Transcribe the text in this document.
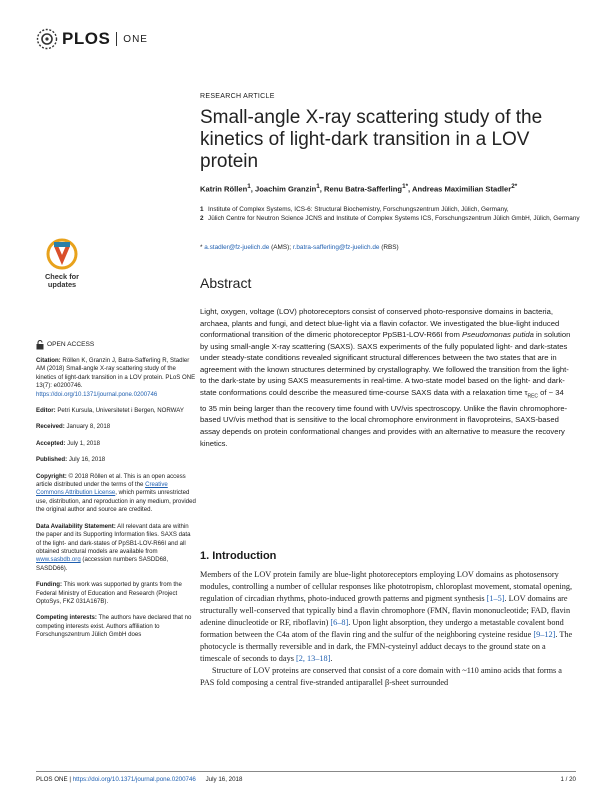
PLOS ONE
RESEARCH ARTICLE
Small-angle X-ray scattering study of the kinetics of light-dark transition in a LOV protein
Katrin Röllen$^1$, Joachim Granzin$^1$, Renu Batra-Safferling$^{1*}$, Andreas Maximilian Stadler$^{2*}$
1 Institute of Complex Systems, ICS-6: Structural Biochemistry, Forschungszentrum Jülich, Jülich, Germany,
2 Jülich Centre for Neutron Science JCNS and Institute of Complex Systems ICS, Forschungszentrum Jülich GmbH, Jülich, Germany
* a.stadler@fz-juelich.de (AMS); r.batra-safferling@fz-juelich.de (RBS)
Check for
updates

OPEN ACCESS

Citation: Röllen K, Granzin J, Batra-Safferling R, Stadler AM (2018) Small-angle X-ray scattering study of the kinetics of light-dark transition in a LOV protein. PLoS ONE 13(7): e0200746. https://doi.org/10.1371/journal.pone.0200746

Editor: Petri Kursula, Universitetet i Bergen, NORWAY

Received: January 8, 2018

Accepted: July 1, 2018

Published: July 16, 2018

Copyright: © 2018 Röllen et al. This is an open access article distributed under the terms of the Creative Commons Attribution License, which permits unrestricted use, distribution, and reproduction in any medium, provided the original author and source are credited.

Data Availability Statement: All relevant data are within the paper and its Supporting Information files. SAXS data of the light- and dark-states of PpSB1-LOV-R66I and all obtained structural models are available from www.sasbdb.org (accession numbers SASDD68, SASDD66).

Funding: This work was supported by grants from the Federal Ministry of Education and Research (Project OptoSys, FKZ 031A167B).

Competing interests: The authors have declared that no competing interests exist. Authors affiliation to Forschungszentrum Jülich GmbH does

Abstract

Light, oxygen, voltage (LOV) photoreceptors consist of conserved photo-responsive domains in bacteria, archaea, plants and fungi, and detect blue-light via a flavin cofactor. We investigated the blue-light induced conformational transition of the dimeric photoreceptor PpSB1-LOV-R66I from Pseudomonas putida in solution by using small-angle X-ray scattering (SAXS). SAXS experiments of the fully populated light- and dark-states under steady-state conditions revealed significant structural differences between the two states that are in agreement with the known structures determined by crystallography. We followed the transition from the light- to the dark-state by using SAXS measurements in real-time. A two-state model based on the light- and dark-state conformations could describe the measured time-course SAXS data with a relaxation time $\tau_{REC}$ of ~ 34 to 35 min being larger than the recovery time found with UV/vis spectroscopy. Unlike the flavin chromophore-based UV/vis method that is sensitive to the local chromophore environment in flavoproteins, SAXS-based assay depends on protein conformational changes and provides with an alternative to measure the recovery kinetics.

1. Introduction

Members of the LOV protein family are blue-light photoreceptors employing LOV domains as photosensory modules, controlling a number of cellular responses like phototropism, chloroplast movement, stomatal opening, regulation of circadian rhythms, photo-induced growth patterns and pigment synthesis [1–5]. LOV domains are structurally well-conserved that typically bind a flavin chromophore (FMN, flavin mononucleotide; FAD, flavin adenine dinucleotide or RF, riboflavin) [6–8]. Upon light absorption, they undergo a metastable covalent bond formation between the C4a atom of the flavin ring and the sulfur of the neighboring cysteine residue [9–12]. The photocycle is thermally reversible and in dark, the FMN-cysteinyl adduct decays to the ground state on a timescale of seconds to days [2, 13–18].

Structure of LOV proteins are conserved that consist of a core domain with ~110 amino acids that forms a PAS fold composing a central five-stranded antiparallel β-sheet surrounded

PLOS ONE | https://doi.org/10.1371/journal.pone.0200746 July 16, 2018	1 / 20
